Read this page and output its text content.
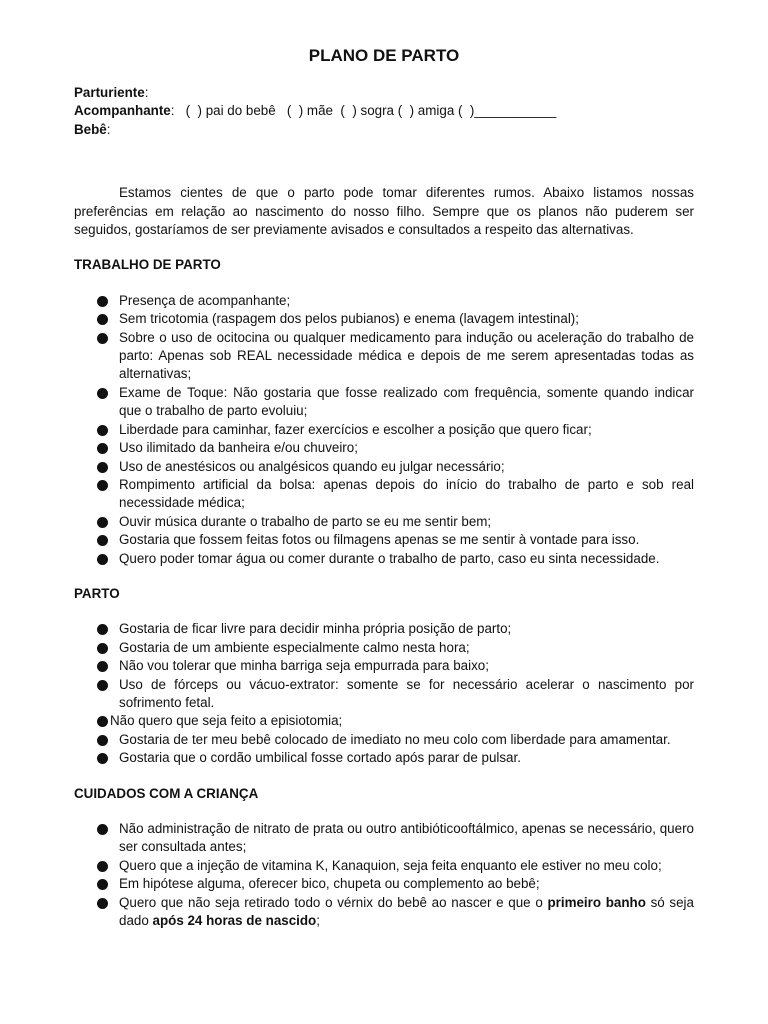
PLANO DE PARTO

Parturiente:

Acompanhante:   (  ) pai do bebê   (  ) mãe  (  ) sogra (  ) amiga (  )___________

Bebê:

Estamos cientes de que o parto pode tomar diferentes rumos. Abaixo listamos nossas preferências em relação ao nascimento do nosso filho. Sempre que os planos não puderem ser seguidos, gostaríamos de ser previamente avisados e consultados a respeito das alternativas.

TRABALHO DE PARTO
Presença de acompanhante;
Sem tricotomia (raspagem dos pelos pubianos) e enema (lavagem intestinal);
Sobre o uso de ocitocina ou qualquer medicamento para indução ou aceleração do trabalho de parto: Apenas sob REAL necessidade médica e depois de me serem apresentadas todas as alternativas;
Exame de Toque: Não gostaria que fosse realizado com frequência, somente quando indicar que o trabalho de parto evoluiu;
Liberdade para caminhar, fazer exercícios e escolher a posição que quero ficar;
Uso ilimitado da banheira e/ou chuveiro;
Uso de anestésicos ou analgésicos quando eu julgar necessário;
Rompimento artificial da bolsa: apenas depois do início do trabalho de parto e sob real necessidade médica;
Ouvir música durante o trabalho de parto se eu me sentir bem;
Gostaria que fossem feitas fotos ou filmagens apenas se me sentir à vontade para isso.
Quero poder tomar água ou comer durante o trabalho de parto, caso eu sinta necessidade.
PARTO
Gostaria de ficar livre para decidir minha própria posição de parto;
Gostaria de um ambiente especialmente calmo nesta hora;
Não vou tolerar que minha barriga seja empurrada para baixo;
Uso de fórceps ou vácuo-extrator: somente se for necessário acelerar o nascimento por sofrimento fetal.
Não quero que seja feito a episiotomia;
Gostaria de ter meu bebê colocado de imediato no meu colo com liberdade para amamentar.
Gostaria que o cordão umbilical fosse cortado após parar de pulsar.
CUIDADOS COM A CRIANÇA
Não administração de nitrato de prata ou outro antibióticooftálmico, apenas se necessário, quero ser consultada antes;
Quero que a injeção de vitamina K, Kanaquion, seja feita enquanto ele estiver no meu colo;
Em hipótese alguma, oferecer bico, chupeta ou complemento ao bebê;
Quero que não seja retirado todo o vérnix do bebê ao nascer e que o primeiro banho só seja dado após 24 horas de nascido;
